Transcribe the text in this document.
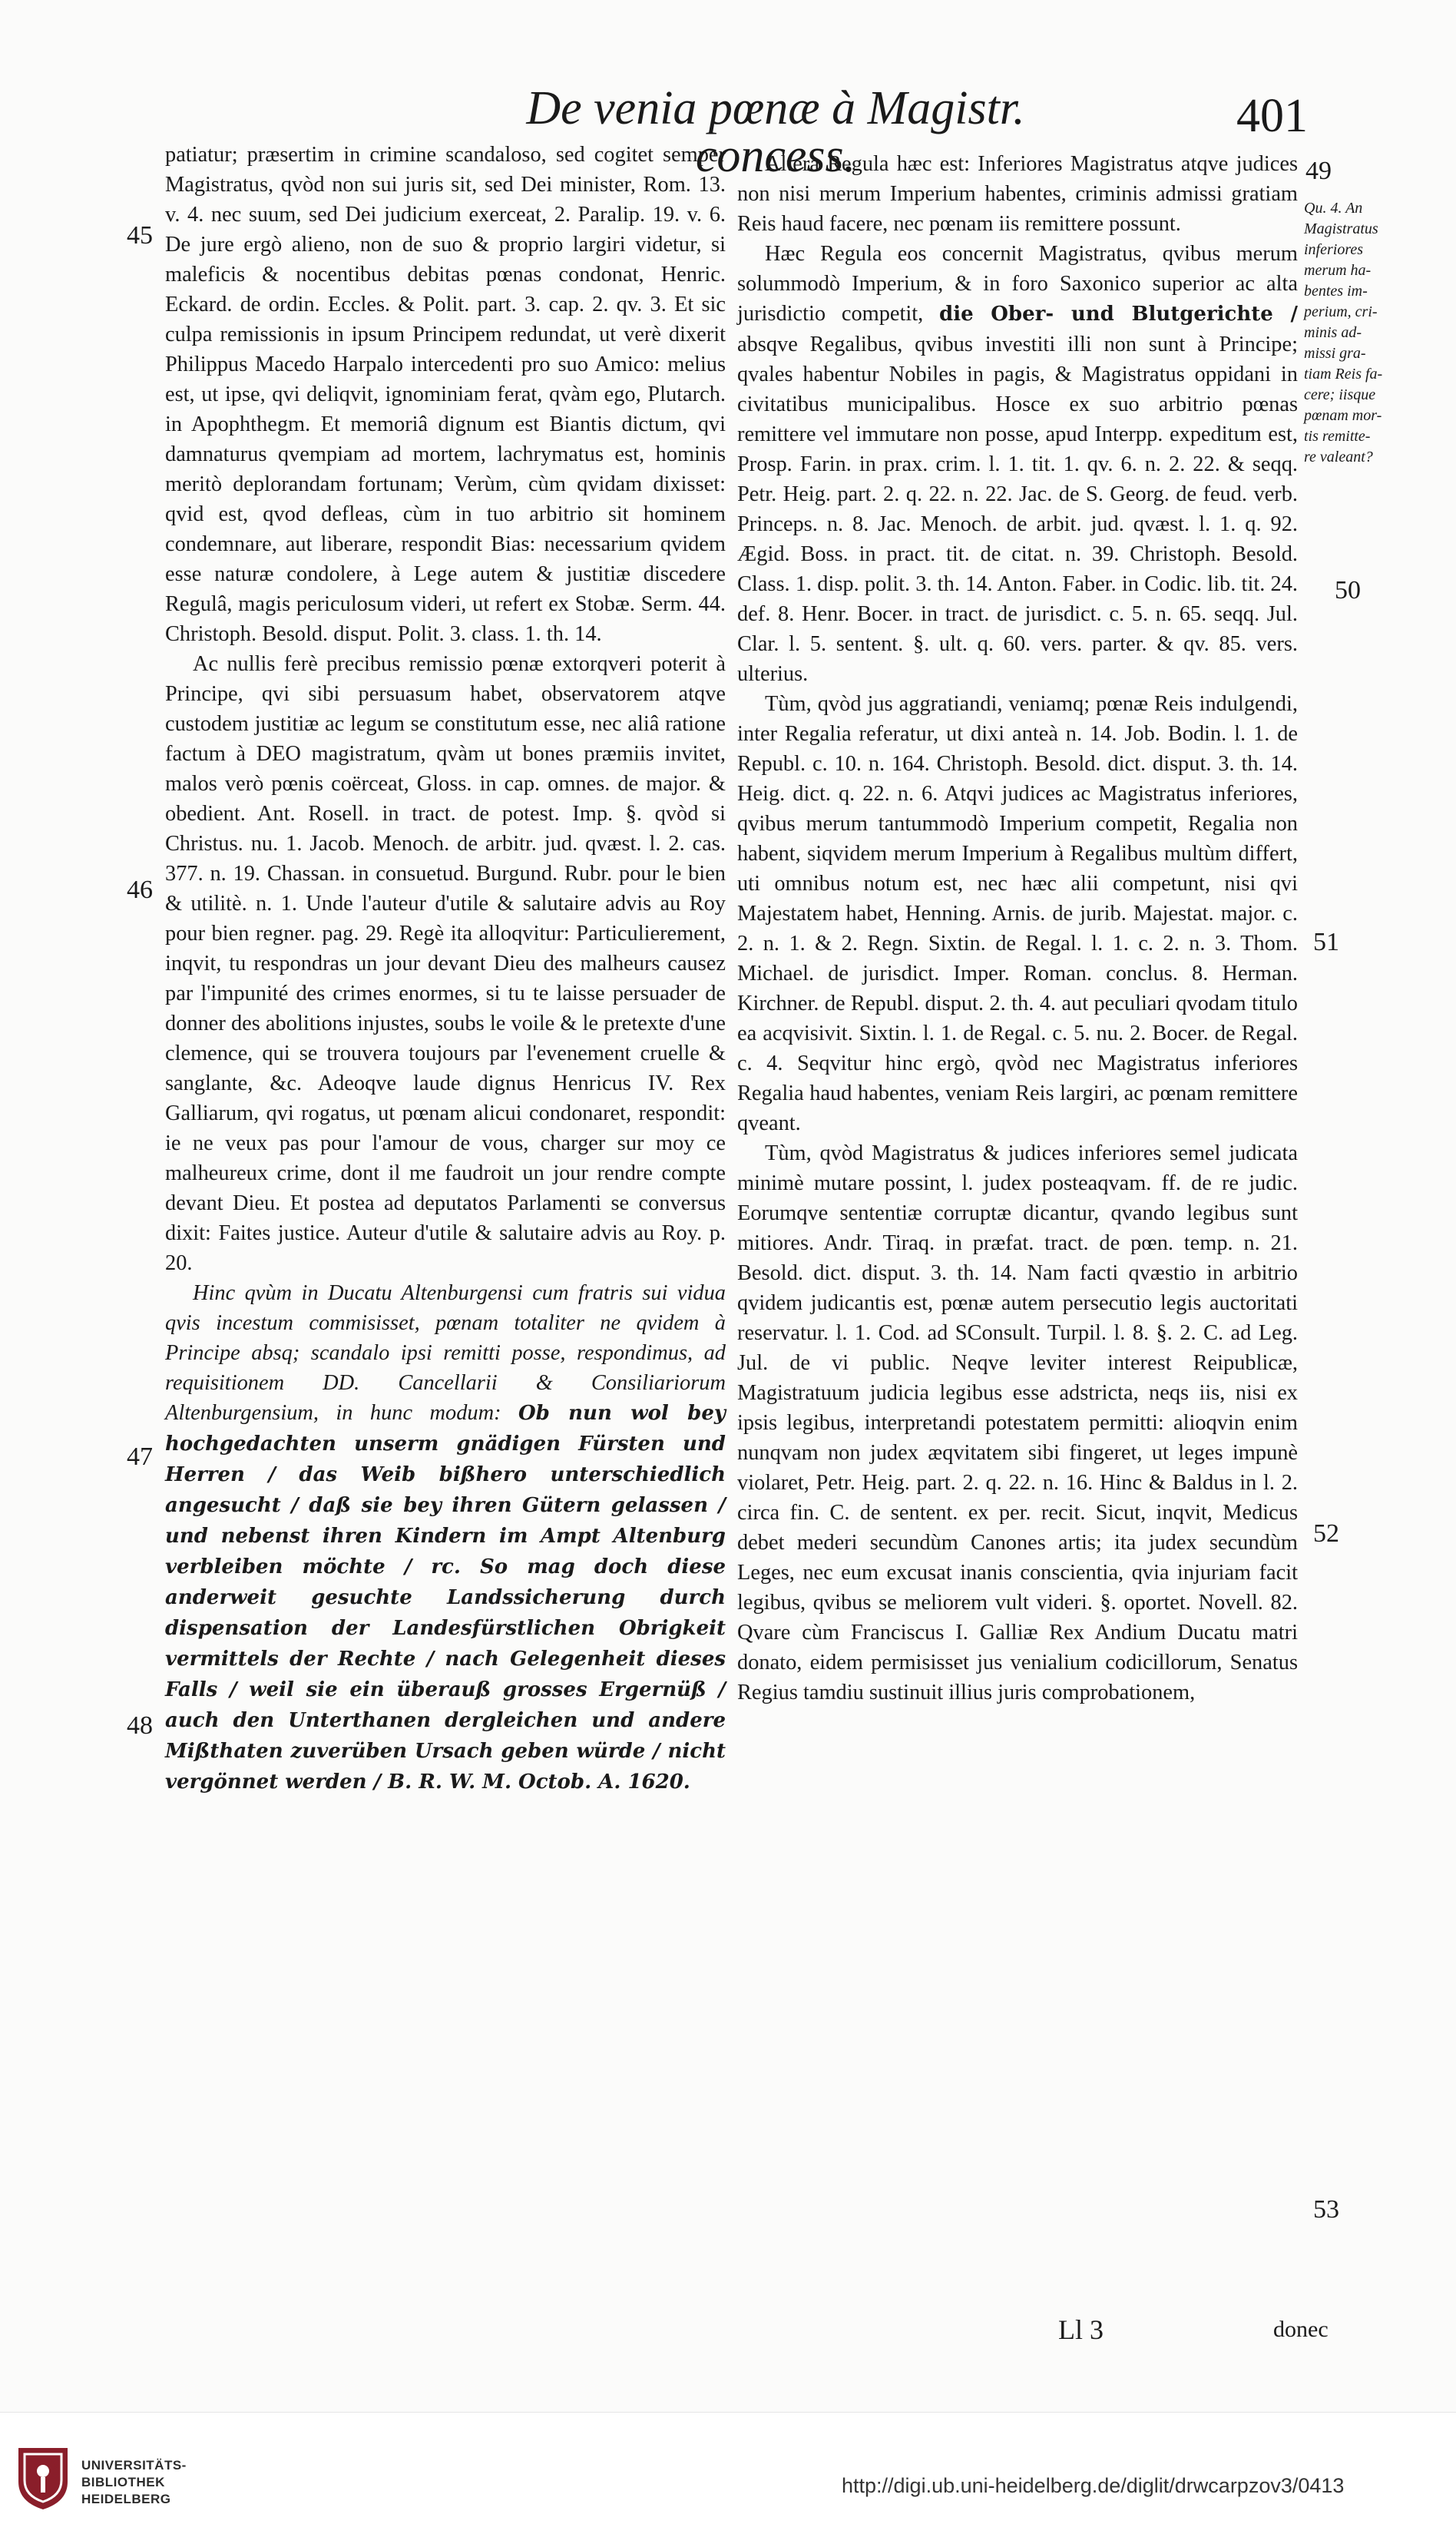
De venia pœnæ à Magistr. concess.
401
45
46
47
48
49
50
51
52
53

patiatur; præsertim in crimine scandaloso, sed cogitet semper Magistratus, qvòd non sui juris sit, sed Dei minister, Rom. 13. v. 4. nec suum, sed Dei judicium exerceat, 2. Paralip. 19. v. 6. De jure ergò alieno, non de suo & proprio largiri videtur, si maleficis & nocentibus debitas pœnas condonat, Henric. Eckard. de ordin. Eccles. & Polit. part. 3. cap. 2. qv. 3. Et sic culpa remissionis in ipsum Principem redundat, ut verè dixerit Philippus Macedo Harpalo intercedenti pro suo Amico: melius est, ut ipse, qvi deliqvit, ignominiam ferat, qvàm ego, Plutarch. in Apophthegm. Et memoriâ dignum est Biantis dictum, qvi damnaturus qvempiam ad mortem, lachrymatus est, hominis meritò deplorandam fortunam; Verùm, cùm qvidam dixisset: qvid est, qvod defleas, cùm in tuo arbitrio sit hominem condemnare, aut liberare, respondit Bias: necessarium qvidem esse naturæ condolere, à Lege autem & justitiæ discedere Regulâ, magis periculosum videri, ut refert ex Stobæ. Serm. 44. Christoph. Besold. disput. Polit. 3. class. 1. th. 14.

Ac nullis ferè precibus remissio pœnæ extorqveri poterit à Principe, qvi sibi persuasum habet, observatorem atqve custodem justitiæ ac legum se constitutum esse, nec aliâ ratione factum à DEO magistratum, qvàm ut bones præmiis invitet, malos verò pœnis coërceat, Gloss. in cap. omnes. de major. & obedient. Ant. Rosell. in tract. de potest. Imp. §. qvòd si Christus. nu. 1. Jacob. Menoch. de arbitr. jud. qvæst. l. 2. cas. 377. n. 19. Chassan. in consuetud. Burgund. Rubr. pour le bien & utilitè. n. 1. Unde l'auteur d'utile & salutaire advis au Roy pour bien regner. pag. 29. Regè ita alloqvitur: Particulierement, inqvit, tu respondras un jour devant Dieu des malheurs causez par l'impunité des crimes enormes, si tu te laisse persuader de donner des abolitions injustes, soubs le voile & le pretexte d'une clemence, qui se trouvera toujours par l'evenement cruelle & sanglante, &c. Adeoqve laude dignus Henricus IV. Rex Galliarum, qvi rogatus, ut pœnam alicui condonaret, respondit: ie ne veux pas pour l'amour de vous, charger sur moy ce malheureux crime, dont il me faudroit un jour rendre compte devant Dieu. Et postea ad deputatos Parlamenti se conversus dixit: Faites justice. Auteur d'utile & salutaire advis au Roy. p. 20.

Hinc qvùm in Ducatu Altenburgensi cum fratris sui vidua qvis incestum commisisset, pœnam totaliter ne qvidem à Principe absq; scandalo ipsi remitti posse, respondimus, ad requisitionem DD. Cancellarii & Consiliariorum Altenburgensium, in hunc modum: Ob nun wol bey hochgedachten unserm gnädigen Fürsten und Herren / das Weib bißhero unterschiedlich angesucht / daß sie bey ihren Gütern gelassen / und nebenst ihren Kindern im Ampt Altenburg verbleiben möchte / rc. So mag doch diese anderweit gesuchte Landssicherung durch dispensation der Landesfürstlichen Obrigkeit vermittels der Rechte / nach Gelegenheit dieses Falls / weil sie ein überauß grosses Ergernüß / auch den Unterthanen dergleichen und andere Mißthaten zuverüben Ursach geben würde / nicht vergönnet werden / B. R. W. M. Octob. A. 1620.

Altera Regula hæc est: Inferiores Magistratus atqve judices non nisi merum Imperium habentes, criminis admissi gratiam Reis haud facere, nec pœnam iis remittere possunt.

Hæc Regula eos concernit Magistratus, qvibus merum solummodò Imperium, & in foro Saxonico superior ac alta jurisdictio competit, die Ober- und Blutgerichte / absqve Regalibus, qvibus investiti illi non sunt à Principe; qvales habentur Nobiles in pagis, & Magistratus oppidani in civitatibus municipalibus. Hosce ex suo arbitrio pœnas remittere vel immutare non posse, apud Interpp. expeditum est, Prosp. Farin. in prax. crim. l. 1. tit. 1. qv. 6. n. 2. 22. & seqq. Petr. Heig. part. 2. q. 22. n. 22. Jac. de S. Georg. de feud. verb. Princeps. n. 8. Jac. Menoch. de arbit. jud. qvæst. l. 1. q. 92. Ægid. Boss. in pract. tit. de citat. n. 39. Christoph. Besold. Class. 1. disp. polit. 3. th. 14. Anton. Faber. in Codic. lib. tit. 24. def. 8. Henr. Bocer. in tract. de jurisdict. c. 5. n. 65. seqq. Jul. Clar. l. 5. sentent. §. ult. q. 60. vers. parter. & qv. 85. vers. ulterius.

Tùm, qvòd jus aggratiandi, veniamq; pœnæ Reis indulgendi, inter Regalia referatur, ut dixi anteà n. 14. Job. Bodin. l. 1. de Republ. c. 10. n. 164. Christoph. Besold. dict. disput. 3. th. 14. Heig. dict. q. 22. n. 6. Atqvi judices ac Magistratus inferiores, qvibus merum tantummodò Imperium competit, Regalia non habent, siqvidem merum Imperium à Regalibus multùm differt, uti omnibus notum est, nec hæc alii competunt, nisi qvi Majestatem habet, Henning. Arnis. de jurib. Majestat. major. c. 2. n. 1. & 2. Regn. Sixtin. de Regal. l. 1. c. 2. n. 3. Thom. Michael. de jurisdict. Imper. Roman. conclus. 8. Herman. Kirchner. de Republ. disput. 2. th. 4. aut peculiari qvodam titulo ea acqvisivit. Sixtin. l. 1. de Regal. c. 5. nu. 2. Bocer. de Regal. c. 4. Seqvitur hinc ergò, qvòd nec Magistratus inferiores Regalia haud habentes, veniam Reis largiri, ac pœnam remittere qveant.

Tùm, qvòd Magistratus & judices inferiores semel judicata minimè mutare possint, l. judex posteaqvam. ff. de re judic. Eorumqve sententiæ corruptæ dicantur, qvando legibus sunt mitiores. Andr. Tiraq. in præfat. tract. de pœn. temp. n. 21. Besold. dict. disput. 3. th. 14. Nam facti qvæstio in arbitrio qvidem judicantis est, pœnæ autem persecutio legis auctoritati reservatur. l. 1. Cod. ad SConsult. Turpil. l. 8. §. 2. C. ad Leg. Jul. de vi public. Neqve leviter interest Reipublicæ, Magistratuum judicia legibus esse adstricta, neqs iis, nisi ex ipsis legibus, interpretandi potestatem permitti: alioqvin enim nunqvam non judex æqvitatem sibi fingeret, ut leges impunè violaret, Petr. Heig. part. 2. q. 22. n. 16. Hinc & Baldus in l. 2. circa fin. C. de sentent. ex per. recit. Sicut, inqvit, Medicus debet mederi secundùm Canones artis; ita judex secundùm Leges, nec eum excusat inanis conscientia, qvia injuriam facit legibus, qvibus se meliorem vult videri. §. oportet. Novell. 82. Qvare cùm Franciscus I. Galliæ Rex Andium Ducatu matri donato, eidem permisisset jus venialium codicillorum, Senatus Regius tamdiu sustinuit illius juris comprobationem,

Qu. 4. An
Magistratus
inferiores
merum ha-
bentes im-
perium, cri-
minis ad-
missi gra-
tiam Reis fa-
cere; iisque
pœnam mor-
tis remitte-
re valeant?
Ll 3	donec
UNIVERSITÄTS-
BIBLIOTHEK
HEIDELBERG
http://digi.ub.uni-heidelberg.de/diglit/drwcarpzov3/0413
